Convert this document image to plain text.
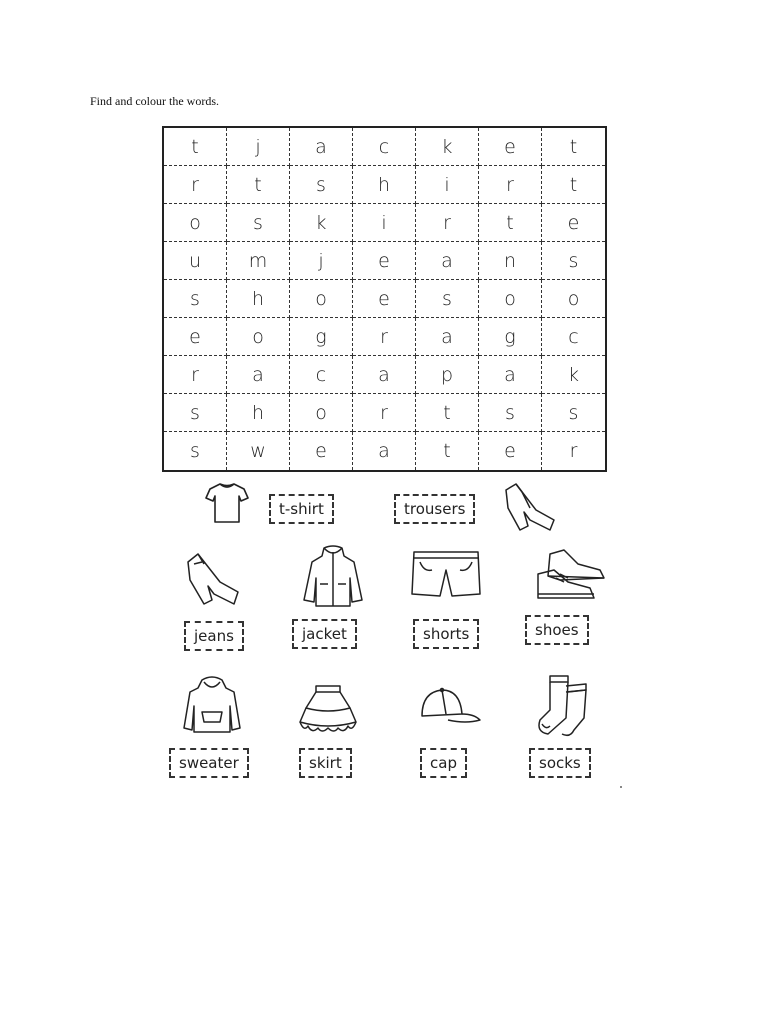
Find and colour the words.
t	j	a	c	k	e	t
r	t	s	h	i	r	t
o	s	k	i	r	t	e
u	m	j	e	a	n	s
s	h	o	e	s	o	o
e	o	g	r	a	g	c
r	a	c	a	p	a	k
s	h	o	r	t	s	s
s	w	e	a	t	e	r
t-shirt	trousers
jeans	jacket	shorts	shoes
sweater	skirt	cap	socks
